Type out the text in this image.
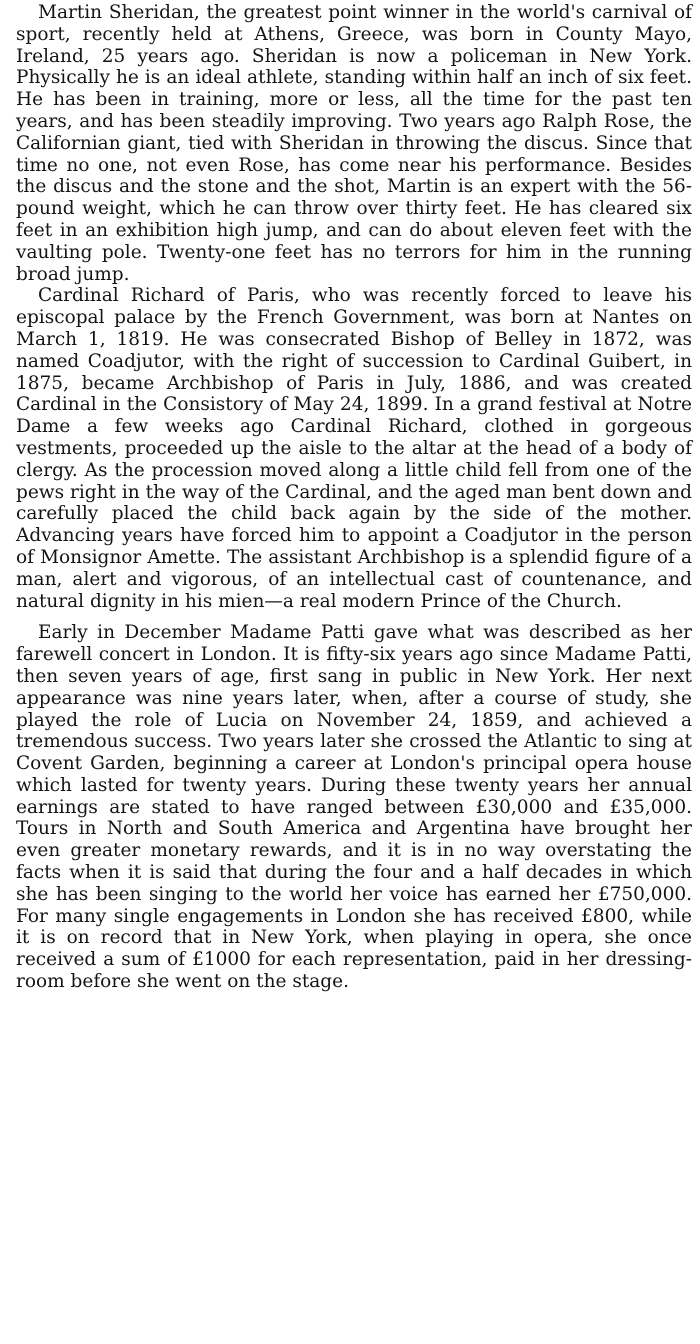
Martin Sheridan, the greatest point winner in the world's carnival of sport, recently held at Athens, Greece, was born in County Mayo, Ireland, 25 years ago. Sheridan is now a policeman in New York. Physically he is an ideal athlete, standing within half an inch of six feet. He has been in training, more or less, all the time for the past ten years, and has been steadily improving. Two years ago Ralph Rose, the Californian giant, tied with Sheridan in throwing the discus. Since that time no one, not even Rose, has come near his performance. Besides the discus and the stone and the shot, Martin is an expert with the 56-pound weight, which he can throw over thirty feet. He has cleared six feet in an exhibition high jump, and can do about eleven feet with the vaulting pole. Twenty-one feet has no terrors for him in the running broad jump.

Cardinal Richard of Paris, who was recently forced to leave his episcopal palace by the French Government, was born at Nantes on March 1, 1819. He was consecrated Bishop of Belley in 1872, was named Coadjutor, with the right of succession to Cardinal Guibert, in 1875, became Archbishop of Paris in July, 1886, and was created Cardinal in the Consistory of May 24, 1899. In a grand festival at Notre Dame a few weeks ago Cardinal Richard, clothed in gorgeous vestments, proceeded up the aisle to the altar at the head of a body of clergy. As the procession moved along a little child fell from one of the pews right in the way of the Cardinal, and the aged man bent down and carefully placed the child back again by the side of the mother. Advancing years have forced him to appoint a Coadjutor in the person of Monsignor Amette. The assistant Archbishop is a splendid figure of a man, alert and vigorous, of an intellectual cast of countenance, and natural dignity in his mien—a real modern Prince of the Church.

Early in December Madame Patti gave what was described as her farewell concert in London. It is fifty-six years ago since Madame Patti, then seven years of age, first sang in public in New York. Her next appearance was nine years later, when, after a course of study, she played the role of Lucia on November 24, 1859, and achieved a tremendous success. Two years later she crossed the Atlantic to sing at Covent Garden, beginning a career at London's principal opera house which lasted for twenty years. During these twenty years her annual earnings are stated to have ranged between £30,000 and £35,000. Tours in North and South America and Argentina have brought her even greater monetary rewards, and it is in no way overstating the facts when it is said that during the four and a half decades in which she has been singing to the world her voice has earned her £750,000. For many single engagements in London she has received £800, while it is on record that in New York, when playing in opera, she once received a sum of £1000 for each representation, paid in her dressing-room before she went on the stage.
